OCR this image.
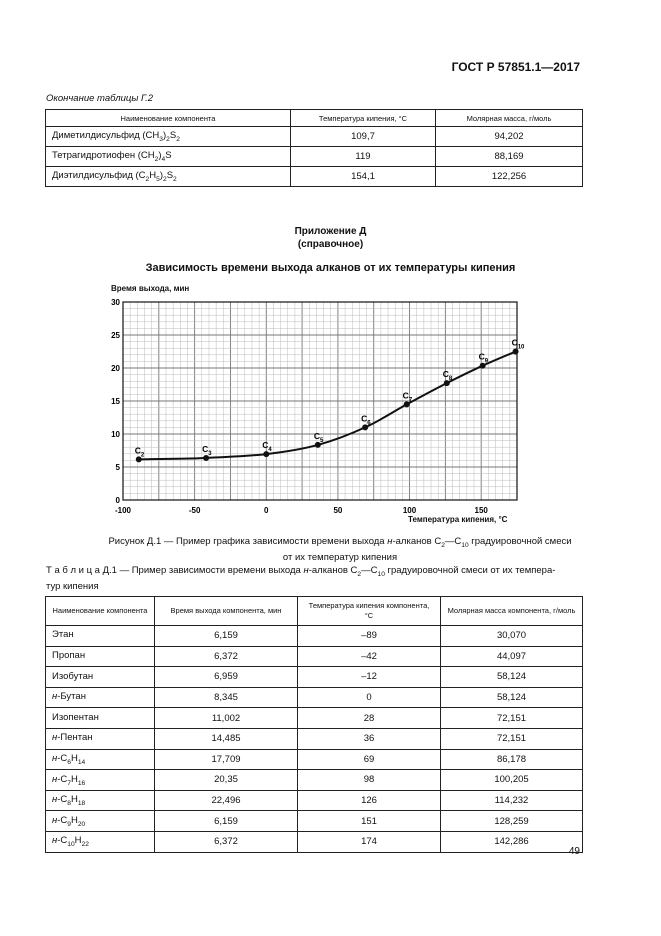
ГОСТ Р 57851.1—2017
Окончание таблицы Г.2
Наименование компонента	Температура кипения, °С	Молярная масса, г/моль
Диметилдисульфид $(CH_3)_2S_2$	109,7	94,202
Тетрагидротиофен $(CH_2)_4S$	119	88,169
Диэтилдисульфид $(C_2H_5)_2S_2$	154,1	122,256
Приложение Д
(справочное)
Зависимость времени выхода алканов от их температуры кипения
Время выхода, мин
Температура кипения, °С
-100	-50	0	50	100	150
0
5
10
15
20
25
30
$C_2$
$C_3$
$C_4$
$C_5$
$C_6$
$C_7$
$C_8$
$C_9$
$C_{10}$
Рисунок Д.1 — Пример графика зависимости времени выхода н-алканов $С_2—С_{10}$ градуировочной смеси
от их температур кипения
Т а б л и ц а Д.1 — Пример зависимости времени выхода н-алканов $С_2—С_{10}$ градуировочной смеси от их темпера-
тур кипения
Наименование компонента	Время выхода компонента, мин	Температура кипения компонента, °С	Молярная масса компонента, г/моль
Этан	6,159	–89	30,070
Пропан	6,372	–42	44,097
Изобутан	6,959	–12	58,124
н-Бутан	8,345	0	58,124
Изопентан	11,002	28	72,151
н-Пентан	14,485	36	72,151
$н-C_6H_{14}$	17,709	69	86,178
$н-C_7H_{16}$	20,35	98	100,205
$н-C_8H_{18}$	22,496	126	114,232
$н-C_9H_{20}$	6,159	151	128,259
$н-C_{10}H_{22}$	6,372	174	142,286
49
